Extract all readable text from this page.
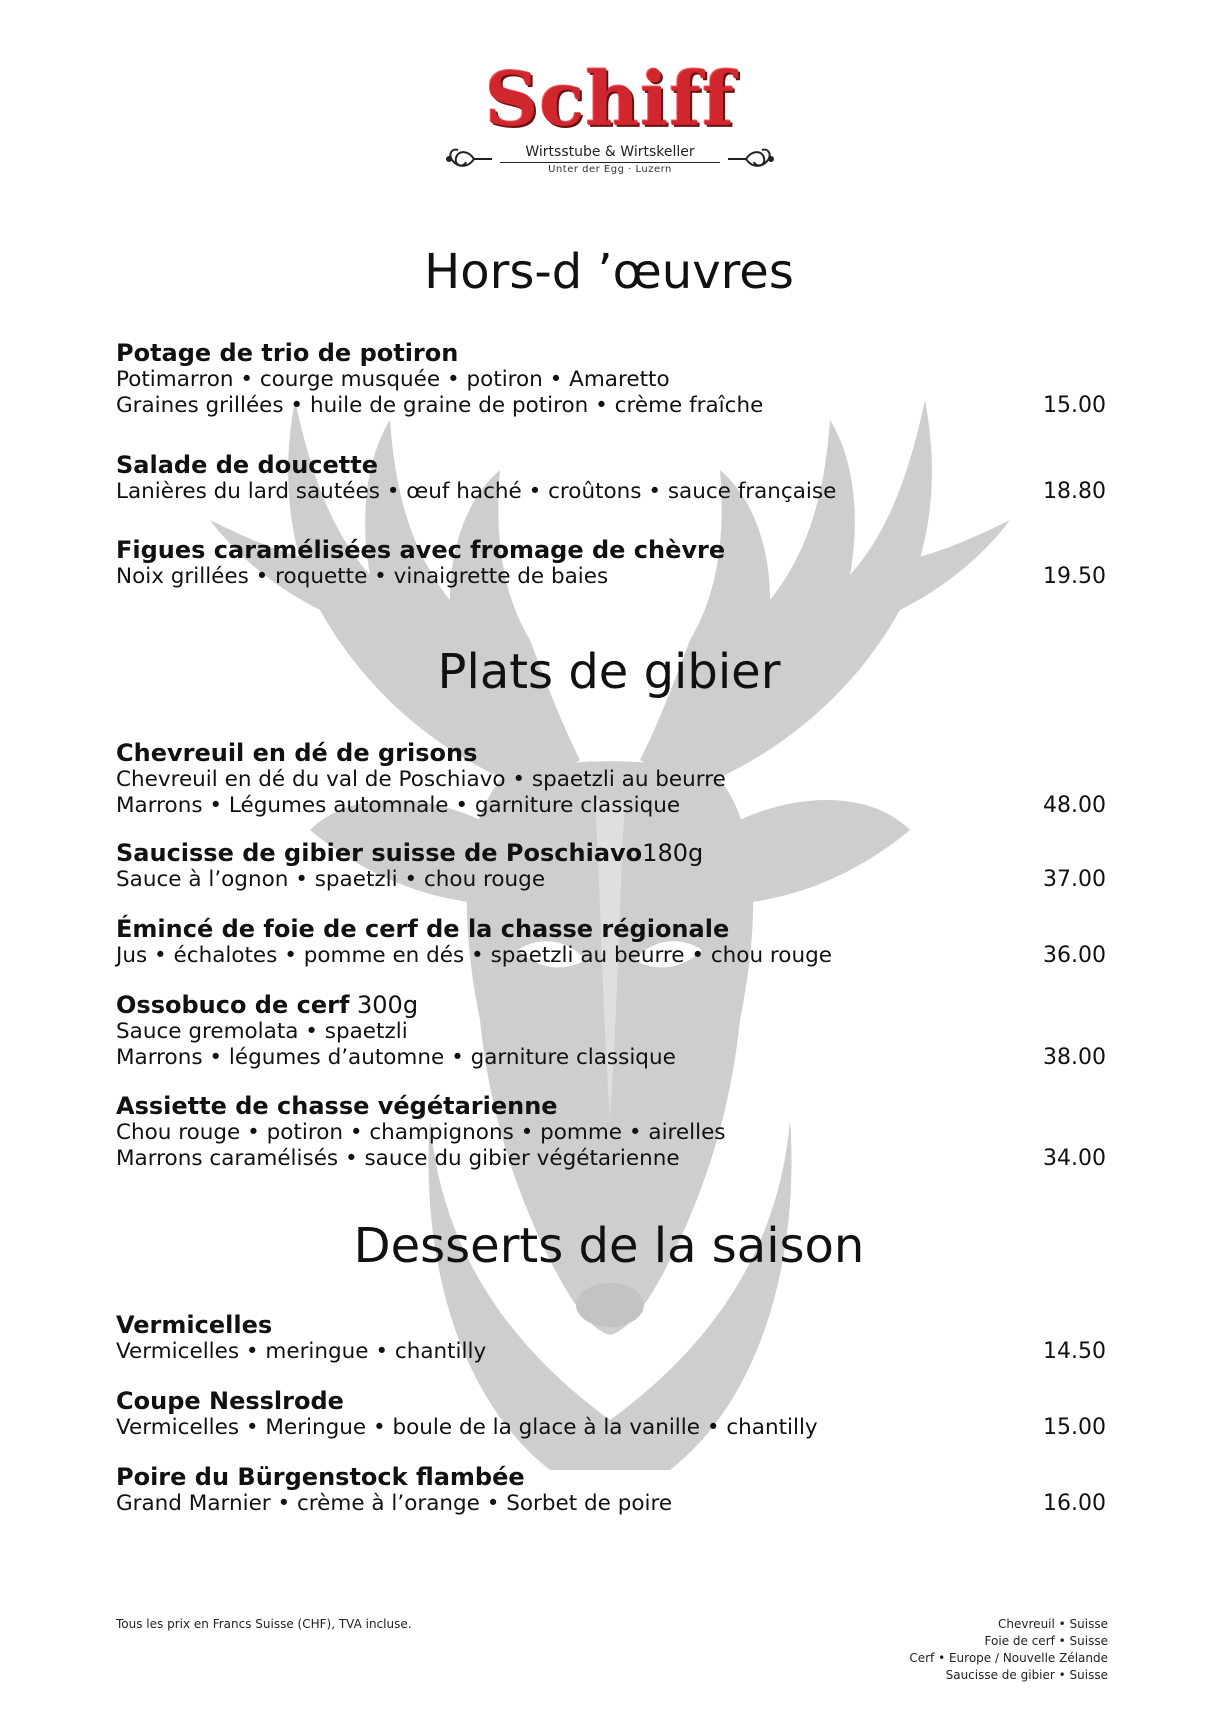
Schiff
Wirtsstube & Wirtskeller
Unter der Egg · Luzern
Hors-d ’œuvres
Potage de trio de potiron
Potimarron • courge musquée • potiron • Amaretto
Graines grillées • huile de graine de potiron • crème fraîche	15.00
Salade de doucette
Lanières du lard sautées • œuf haché • croûtons • sauce française	18.80
Figues caramélisées avec fromage de chèvre
Noix grillées • roquette • vinaigrette de baies	19.50
Plats de gibier
Chevreuil en dé de grisons
Chevreuil en dé du val de Poschiavo • spaetzli au beurre
Marrons • Légumes automnale • garniture classique	48.00
Saucisse de gibier suisse de Poschiavo180g
Sauce à l’ognon • spaetzli • chou rouge	37.00
Émincé de foie de cerf de la chasse régionale
Jus • échalotes • pomme en dés • spaetzli au beurre • chou rouge	36.00
Ossobuco de cerf 300g
Sauce gremolata • spaetzli
Marrons • légumes d’automne • garniture classique	38.00
Assiette de chasse végétarienne
Chou rouge • potiron • champignons • pomme • airelles
Marrons caramélisés • sauce du gibier végétarienne	34.00
Desserts de la saison
Vermicelles
Vermicelles • meringue • chantilly	14.50
Coupe Nesslrode
Vermicelles • Meringue • boule de la glace à la vanille • chantilly	15.00
Poire du Bürgenstock flambée
Grand Marnier • crème à l’orange • Sorbet de poire	16.00
Tous les prix en Francs Suisse (CHF), TVA incluse.	Chevreuil • Suisse
Foie de cerf • Suisse
Cerf • Europe / Nouvelle Zélande
Saucisse de gibier • Suisse
